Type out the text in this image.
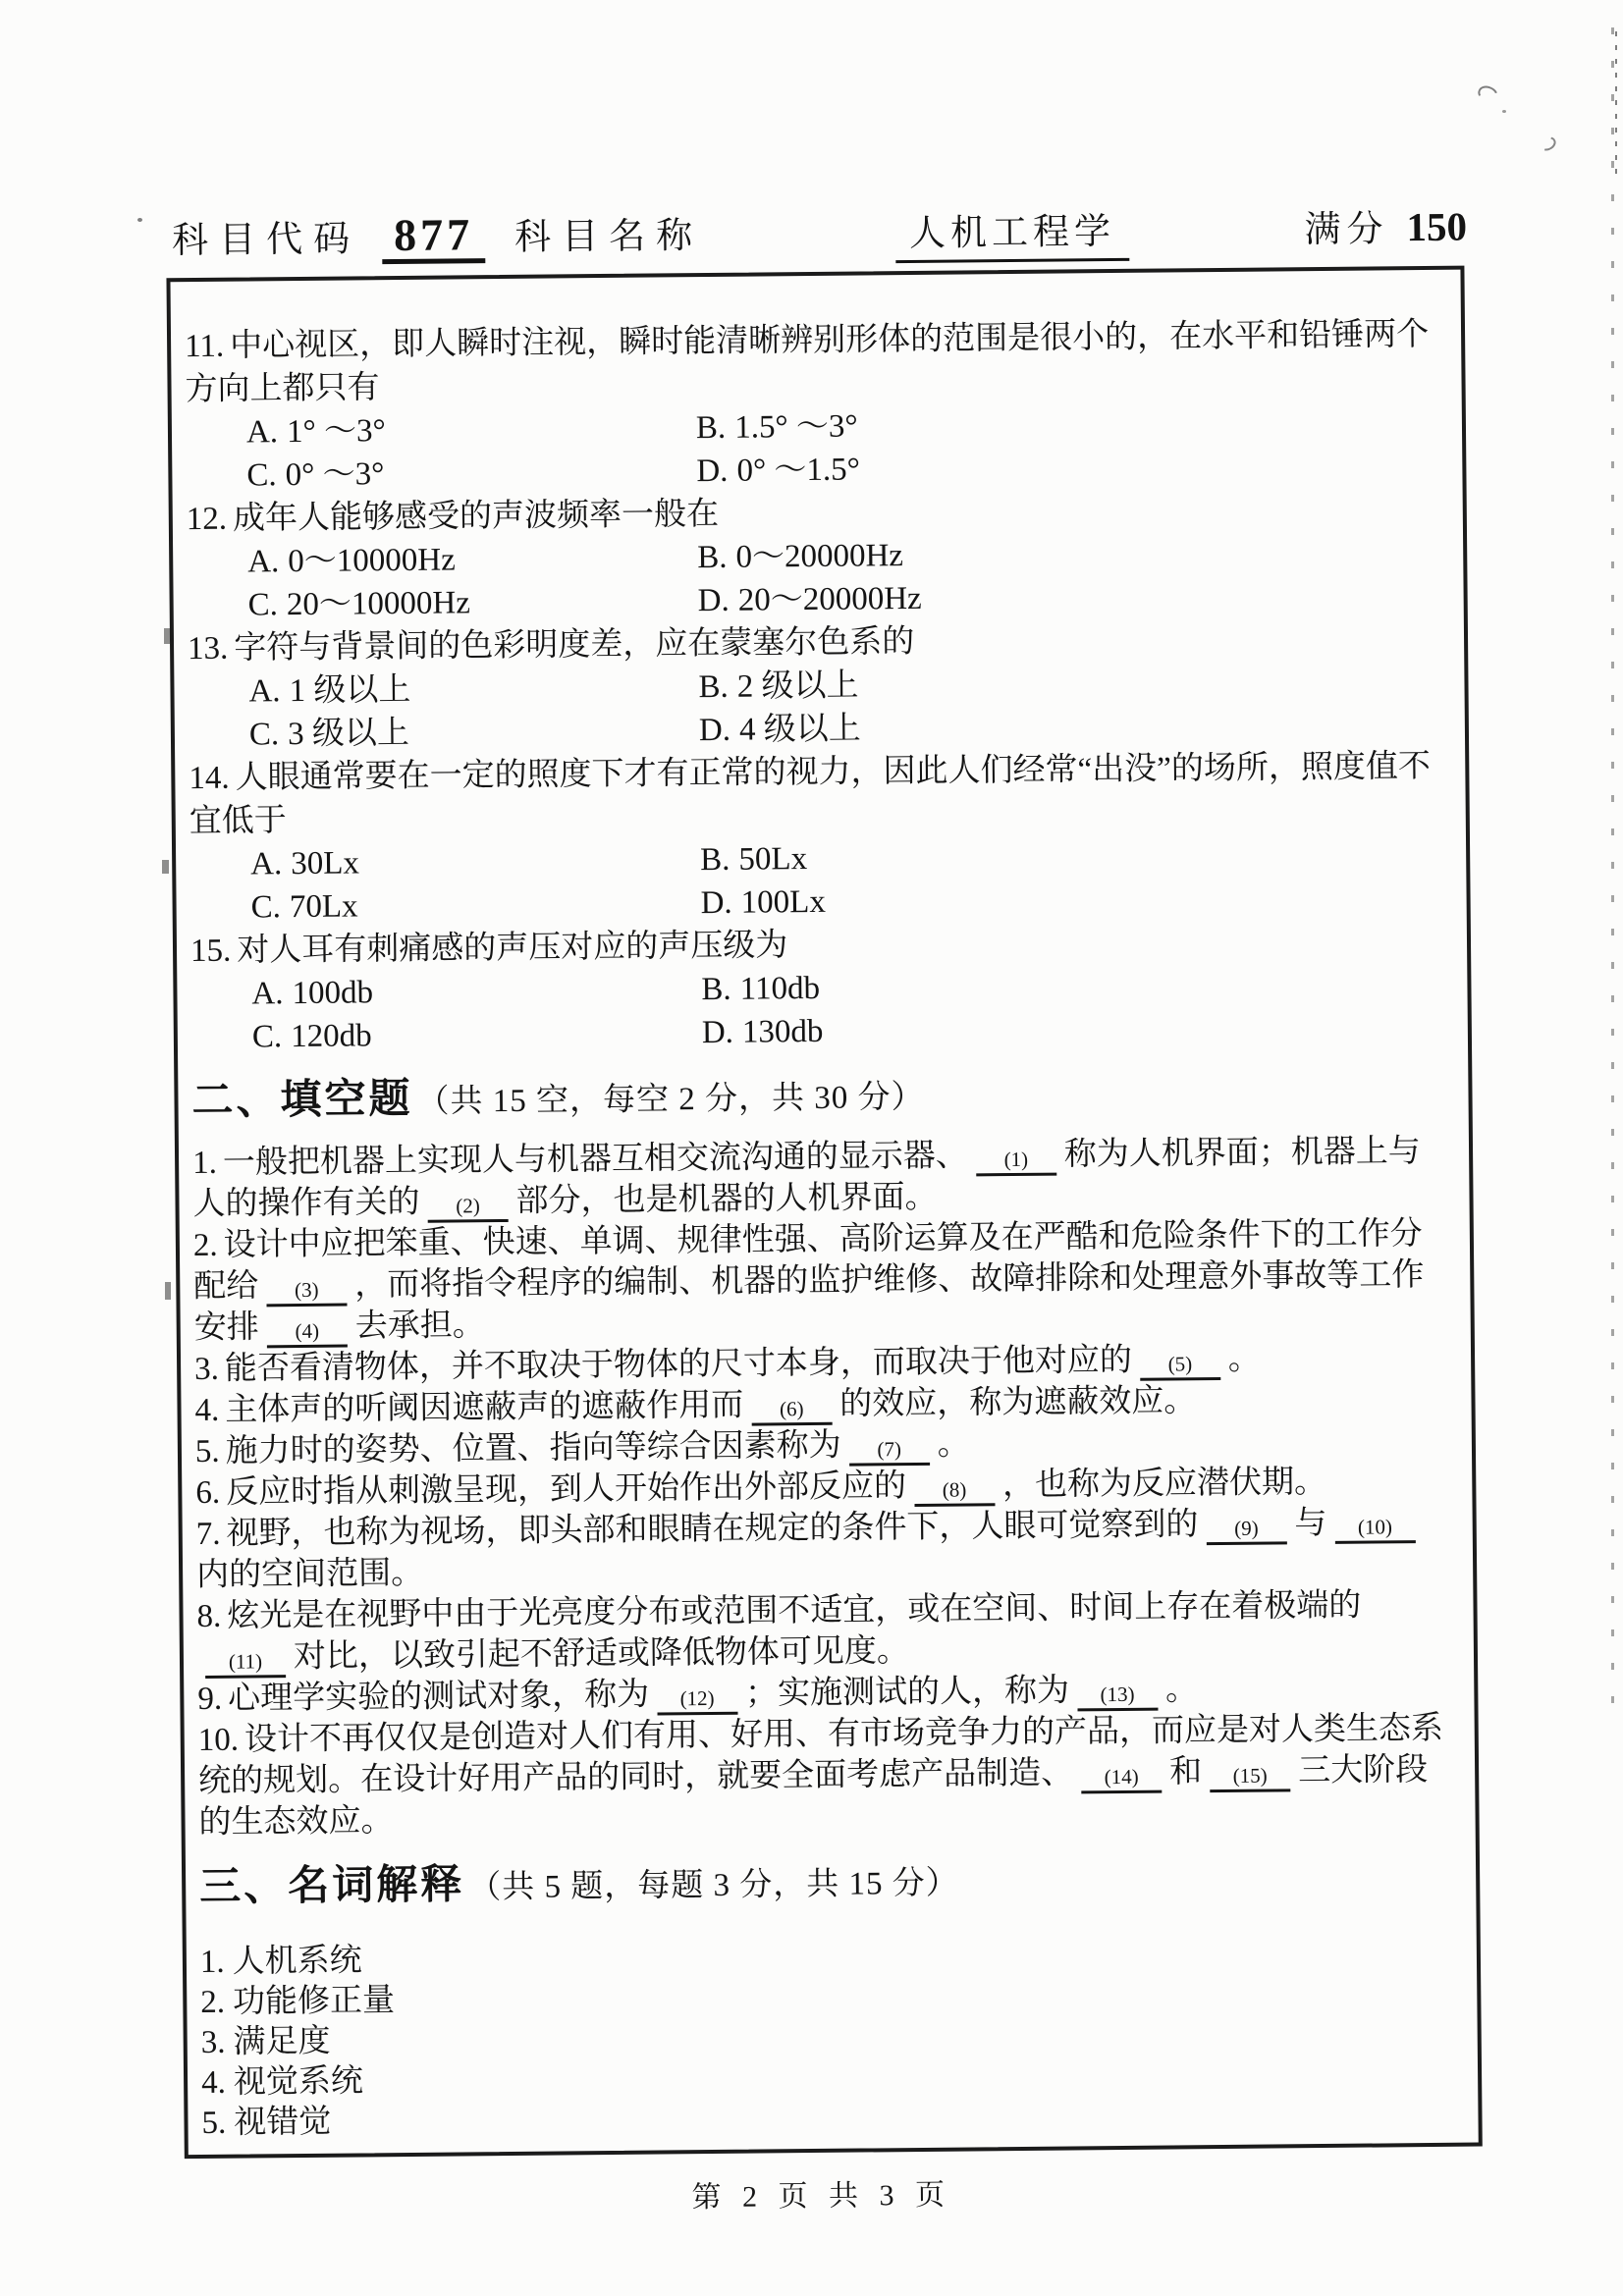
科目代码 877	科目名称	人机工程学	满分 150

11. 中心视区，即人瞬时注视，瞬时能清晰辨别形体的范围是很小的，在水平和铅锤两个方向上都只有

A. 1° ～3°	B. 1.5° ～3°
C. 0° ～3°	D. 0° ～1.5°

12. 成年人能够感受的声波频率一般在

A. 0～10000Hz	B. 0～20000Hz
C. 20～10000Hz	D. 20～20000Hz

13. 字符与背景间的色彩明度差，应在蒙塞尔色系的

A. 1 级以上	B. 2 级以上
C. 3 级以上	D. 4 级以上

14. 人眼通常要在一定的照度下才有正常的视力，因此人们经常“出没”的场所，照度值不宜低于

A. 30Lx	B. 50Lx
C. 70Lx	D. 100Lx

15. 对人耳有刺痛感的声压对应的声压级为

A. 100db	B. 110db
C. 120db	D. 130db

二、填空题 （共 15 空，每空 2 分，共 30 分）

1. 一般把机器上实现人与机器互相交流沟通的显示器、 (1) 称为人机界面；机器上与人的操作有关的 (2) 部分，也是机器的人机界面。

2. 设计中应把笨重、快速、单调、规律性强、高阶运算及在严酷和危险条件下的工作分配给 (3) ，而将指令程序的编制、机器的监护维修、故障排除和处理意外事故等工作安排 (4) 去承担。

3. 能否看清物体，并不取决于物体的尺寸本身，而取决于他对应的 (5) 。

4. 主体声的听阈因遮蔽声的遮蔽作用而 (6) 的效应，称为遮蔽效应。

5. 施力时的姿势、位置、指向等综合因素称为 (7) 。

6. 反应时指从刺激呈现，到人开始作出外部反应的 (8) ，也称为反应潜伏期。

7. 视野，也称为视场，即头部和眼睛在规定的条件下，人眼可觉察到的 (9) 与 (10)
内的空间范围。

8. 炫光是在视野中由于光亮度分布或范围不适宜，或在空间、时间上存在着极端的
(11) 对比，以致引起不舒适或降低物体可见度。

9. 心理学实验的测试对象，称为 (12) ；实施测试的人，称为 (13) 。

10. 设计不再仅仅是创造对人们有用、好用、有市场竞争力的产品，而应是对人类生态系统的规划。在设计好用产品的同时，就要全面考虑产品制造、 (14) 和 (15) 三大阶段的生态效应。

三、名词解释 （共 5 题，每题 3 分，共 15 分）

1. 人机系统

2. 功能修正量

3. 满足度

4. 视觉系统

5. 视错觉

第 2 页 共 3 页
